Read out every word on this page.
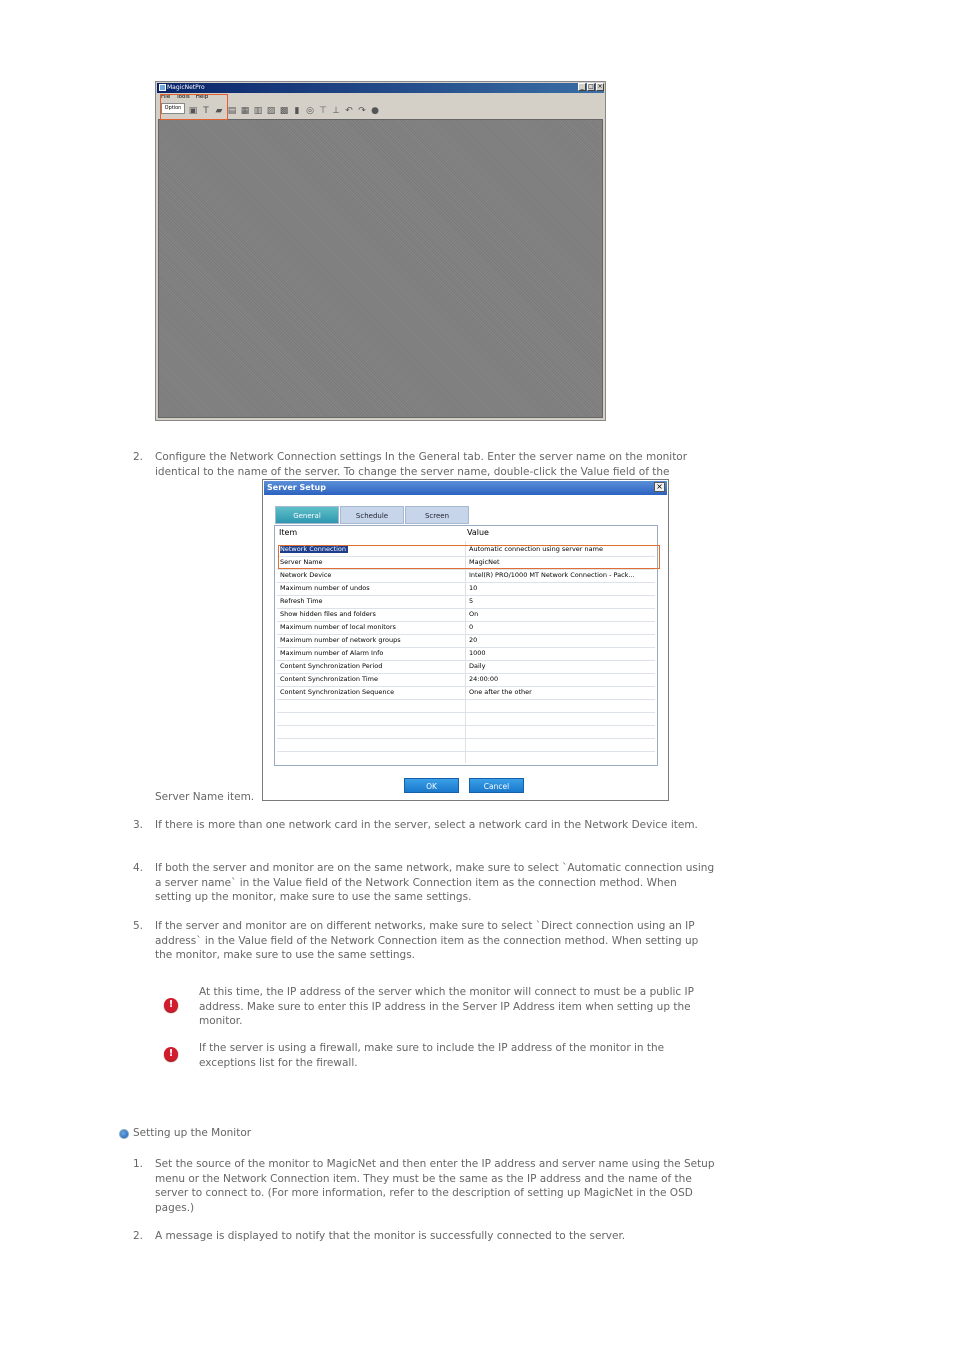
MagicNetPro	_ □ ×
File Tools Help
▣ T ▰ ▤ ▦ ▥ ▨ ▩ ▮ ◎ ⊤ ⊥ ↶ ↷ ●
Option
2.	Configure the Network Connection settings In the General tab. Enter the server name on the monitor identical to the name of the server. To change the server name, double-click the Value field of the
Server Name item.
Server Setup	×
General	Schedule	Screen
Item	Value
Network Connection	Automatic connection using server name
Server Name	MagicNet
Network Device	Intel(R) PRO/1000 MT Network Connection - Pack...
Maximum number of undos	10
Refresh Time	5
Show hidden files and folders	On
Maximum number of local monitors	0
Maximum number of network groups	20
Maximum number of Alarm Info	1000
Content Synchronization Period	Daily
Content Synchronization Time	24:00:00
Content Synchronization Sequence	One after the other
OK	Cancel
3.	If there is more than one network card in the server, select a network card in the Network Device item.
4.	If both the server and monitor are on the same network, make sure to select `Automatic connection using a server name` in the Value field of the Network Connection item as the connection method. When setting up the monitor, make sure to use the same settings.
5.	If the server and monitor are on different networks, make sure to select `Direct connection using an IP address` in the Value field of the Network Connection item as the connection method. When setting up the monitor, make sure to use the same settings.
!
At this time, the IP address of the server which the monitor will connect to must be a public IP address. Make sure to enter this IP address in the Server IP Address item when setting up the monitor.
!	If the server is using a firewall, make sure to include the IP address of the monitor in the exceptions list for the firewall.
Setting up the Monitor
1.	Set the source of the monitor to MagicNet and then enter the IP address and server name using the Setup menu or the Network Connection item. They must be the same as the IP address and the name of the server to connect to. (For more information, refer to the description of setting up MagicNet in the OSD pages.)
2.	A message is displayed to notify that the monitor is successfully connected to the server.
